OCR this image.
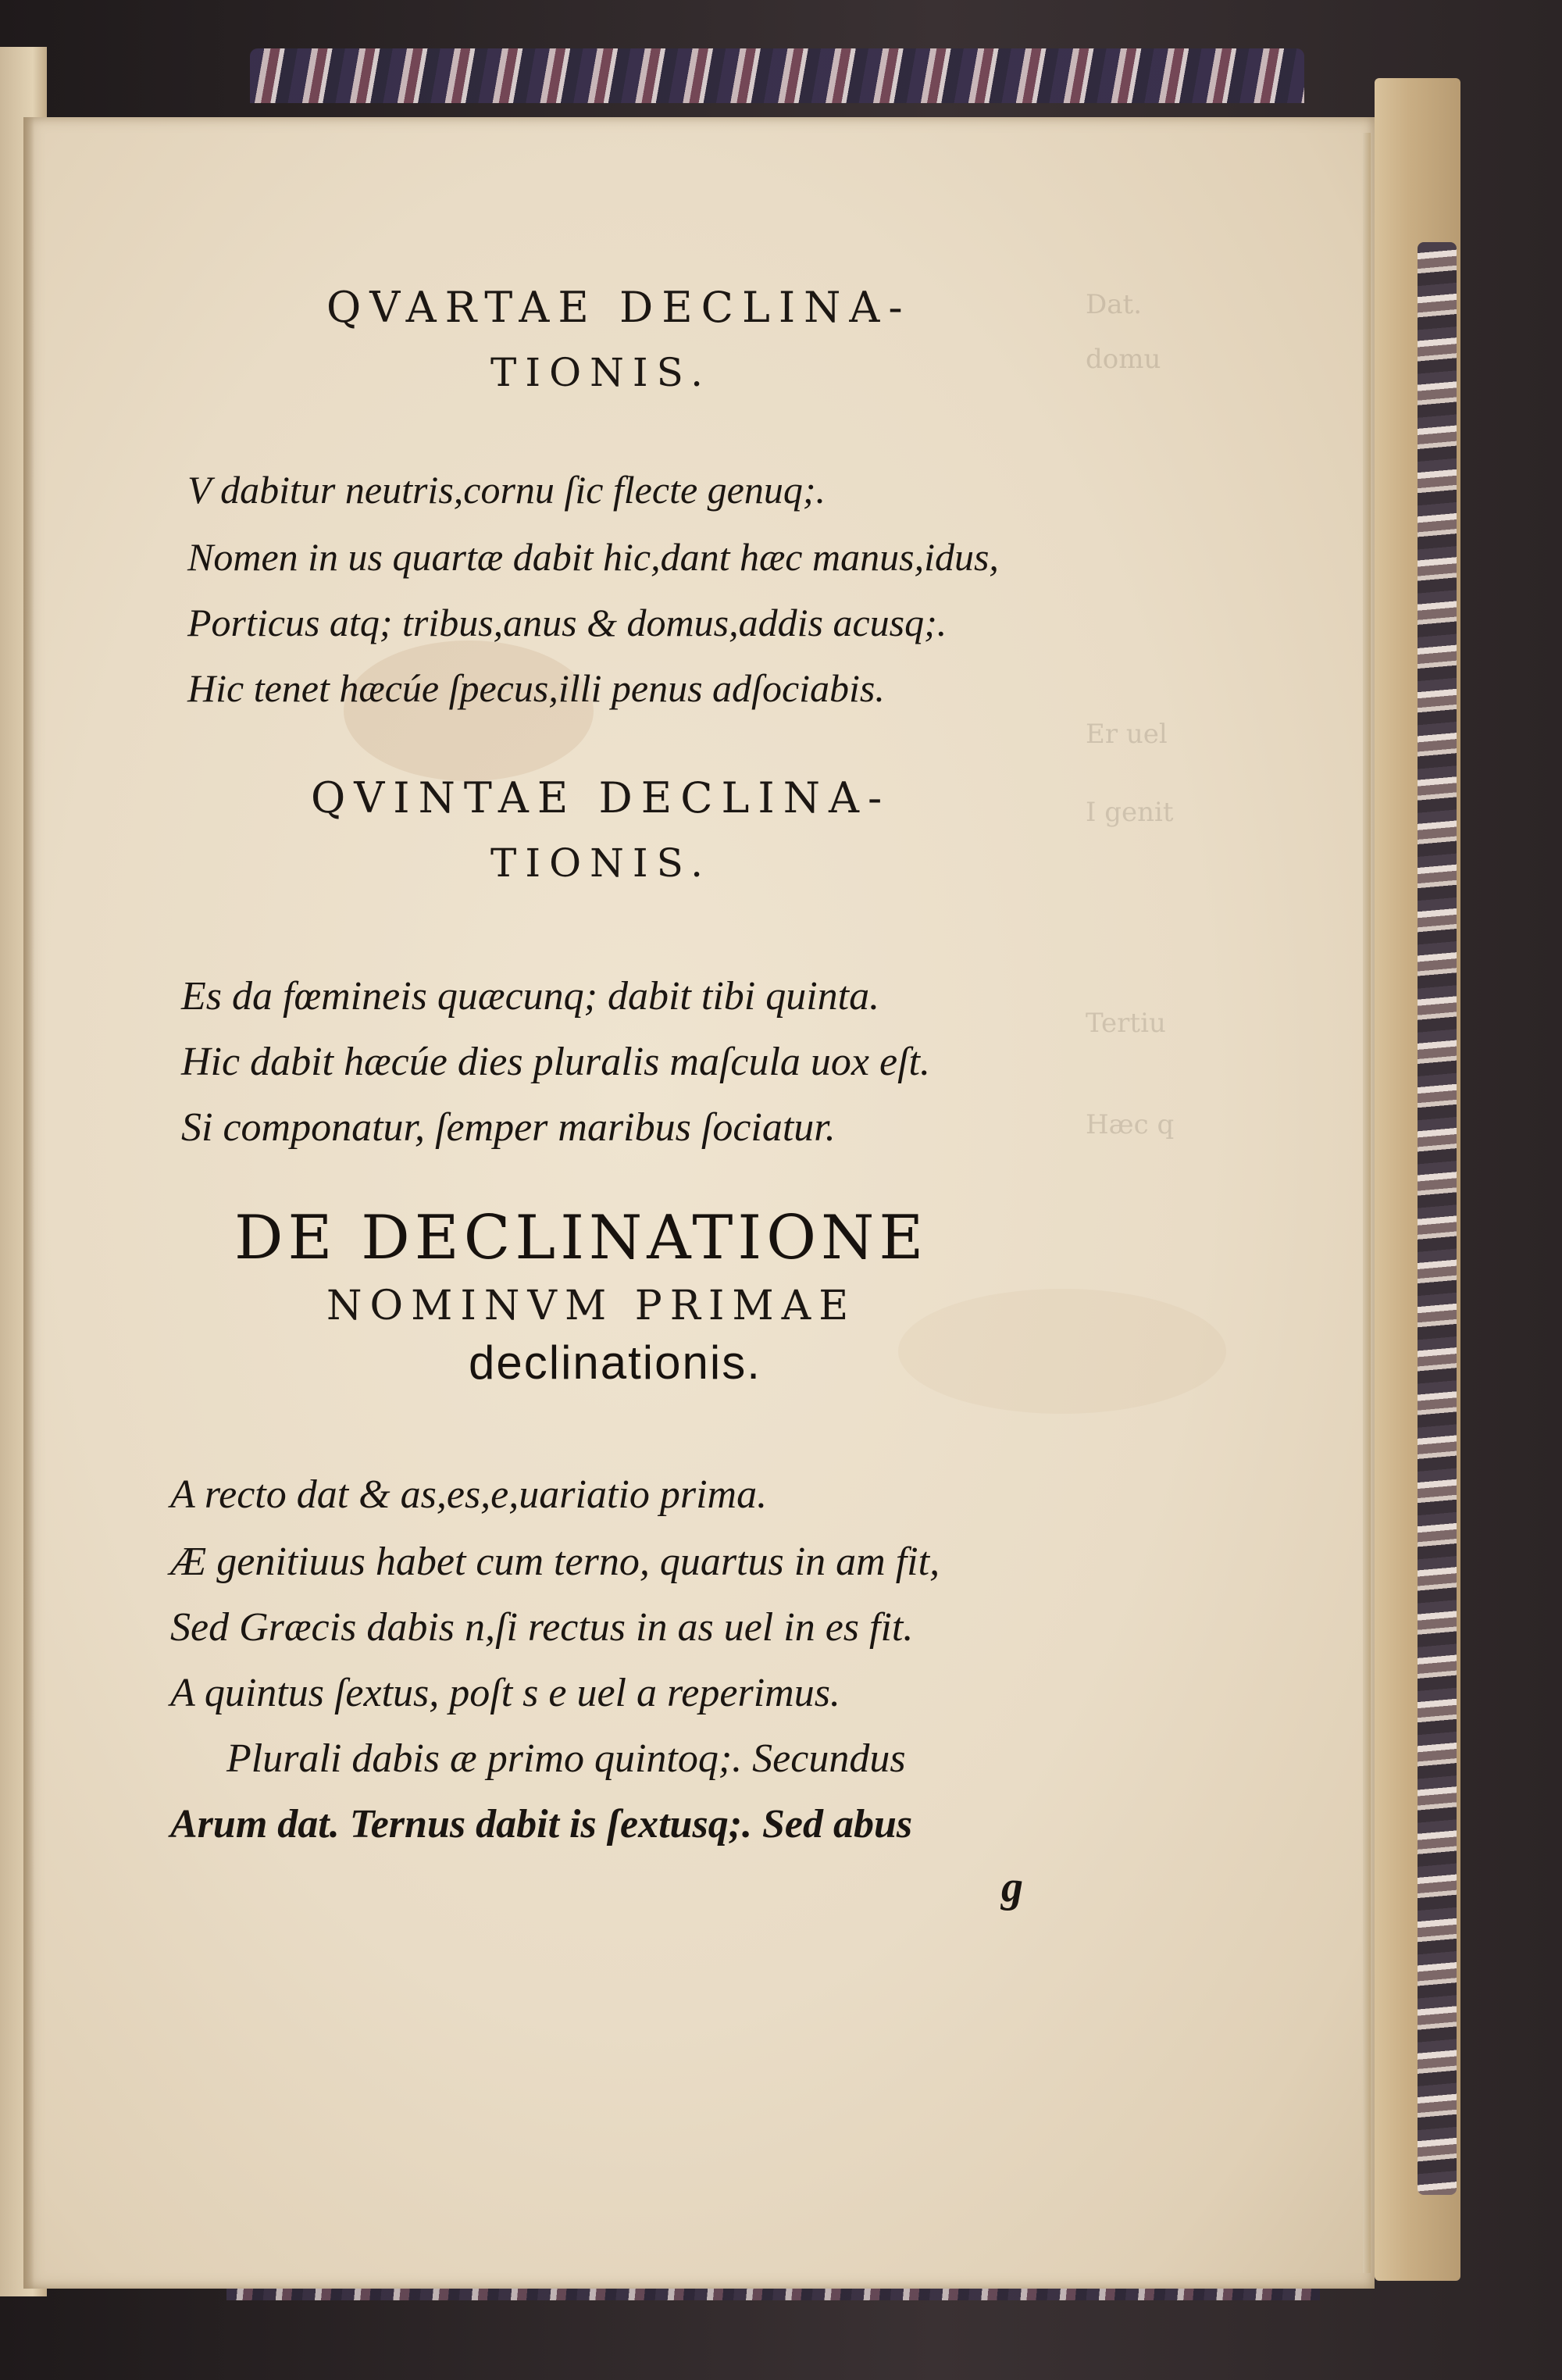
Dat.
domu
Er uel
I genit
Tertiu
Hæc q
QVARTAE DECLINA-
TIONIS.
V dabitur neutris,cornu ſic flecte genuq;.
Nomen in us quartæ dabit hic,dant hæc manus,idus,
Porticus atq; tribus,anus & domus,addis acusq;.
Hic tenet hæcúe ſpecus,illi penus adſociabis.
QVINTAE DECLINA-
TIONIS.
Es da fœmineis quæcunq; dabit tibi quinta.
Hic dabit hæcúe dies pluralis maſcula uox eſt.
Si componatur, ſemper maribus ſociatur.
DE DECLINATIONE
NOMINVM PRIMAE
declinationis.
A recto dat & as,es,e,uariatio prima.
Æ genitiuus habet cum terno, quartus in am fit,
Sed Græcis dabis n,ſi rectus in as uel in es fit.
A quintus ſextus, poſt s e uel a reperimus.
Plurali dabis æ primo quintoq;. Secundus
Arum dat. Ternus dabit is ſextusq;. Sed abus
g
